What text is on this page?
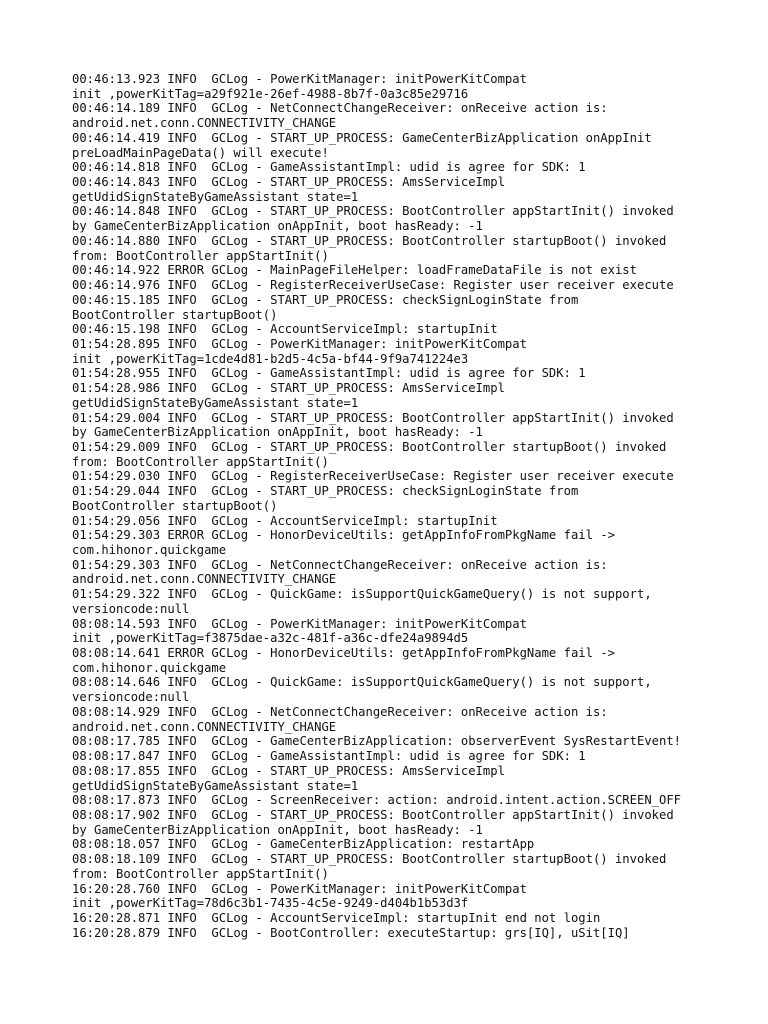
00:46:13.923 INFO  GCLog - PowerKitManager: initPowerKitCompat
init ,powerKitTag=a29f921e-26ef-4988-8b7f-0a3c85e29716
00:46:14.189 INFO  GCLog - NetConnectChangeReceiver: onReceive action is:
android.net.conn.CONNECTIVITY_CHANGE
00:46:14.419 INFO  GCLog - START_UP_PROCESS: GameCenterBizApplication onAppInit
preLoadMainPageData() will execute!
00:46:14.818 INFO  GCLog - GameAssistantImpl: udid is agree for SDK: 1
00:46:14.843 INFO  GCLog - START_UP_PROCESS: AmsServiceImpl
getUdidSignStateByGameAssistant state=1
00:46:14.848 INFO  GCLog - START_UP_PROCESS: BootController appStartInit() invoked
by GameCenterBizApplication onAppInit, boot hasReady: -1
00:46:14.880 INFO  GCLog - START_UP_PROCESS: BootController startupBoot() invoked
from: BootController appStartInit()
00:46:14.922 ERROR GCLog - MainPageFileHelper: loadFrameDataFile is not exist
00:46:14.976 INFO  GCLog - RegisterReceiverUseCase: Register user receiver execute
00:46:15.185 INFO  GCLog - START_UP_PROCESS: checkSignLoginState from
BootController startupBoot()
00:46:15.198 INFO  GCLog - AccountServiceImpl: startupInit
01:54:28.895 INFO  GCLog - PowerKitManager: initPowerKitCompat
init ,powerKitTag=1cde4d81-b2d5-4c5a-bf44-9f9a741224e3
01:54:28.955 INFO  GCLog - GameAssistantImpl: udid is agree for SDK: 1
01:54:28.986 INFO  GCLog - START_UP_PROCESS: AmsServiceImpl
getUdidSignStateByGameAssistant state=1
01:54:29.004 INFO  GCLog - START_UP_PROCESS: BootController appStartInit() invoked
by GameCenterBizApplication onAppInit, boot hasReady: -1
01:54:29.009 INFO  GCLog - START_UP_PROCESS: BootController startupBoot() invoked
from: BootController appStartInit()
01:54:29.030 INFO  GCLog - RegisterReceiverUseCase: Register user receiver execute
01:54:29.044 INFO  GCLog - START_UP_PROCESS: checkSignLoginState from
BootController startupBoot()
01:54:29.056 INFO  GCLog - AccountServiceImpl: startupInit
01:54:29.303 ERROR GCLog - HonorDeviceUtils: getAppInfoFromPkgName fail ->
com.hihonor.quickgame
01:54:29.303 INFO  GCLog - NetConnectChangeReceiver: onReceive action is:
android.net.conn.CONNECTIVITY_CHANGE
01:54:29.322 INFO  GCLog - QuickGame: isSupportQuickGameQuery() is not support,
versioncode:null
08:08:14.593 INFO  GCLog - PowerKitManager: initPowerKitCompat
init ,powerKitTag=f3875dae-a32c-481f-a36c-dfe24a9894d5
08:08:14.641 ERROR GCLog - HonorDeviceUtils: getAppInfoFromPkgName fail ->
com.hihonor.quickgame
08:08:14.646 INFO  GCLog - QuickGame: isSupportQuickGameQuery() is not support,
versioncode:null
08:08:14.929 INFO  GCLog - NetConnectChangeReceiver: onReceive action is:
android.net.conn.CONNECTIVITY_CHANGE
08:08:17.785 INFO  GCLog - GameCenterBizApplication: observerEvent SysRestartEvent!
08:08:17.847 INFO  GCLog - GameAssistantImpl: udid is agree for SDK: 1
08:08:17.855 INFO  GCLog - START_UP_PROCESS: AmsServiceImpl
getUdidSignStateByGameAssistant state=1
08:08:17.873 INFO  GCLog - ScreenReceiver: action: android.intent.action.SCREEN_OFF
08:08:17.902 INFO  GCLog - START_UP_PROCESS: BootController appStartInit() invoked
by GameCenterBizApplication onAppInit, boot hasReady: -1
08:08:18.057 INFO  GCLog - GameCenterBizApplication: restartApp
08:08:18.109 INFO  GCLog - START_UP_PROCESS: BootController startupBoot() invoked
from: BootController appStartInit()
16:20:28.760 INFO  GCLog - PowerKitManager: initPowerKitCompat
init ,powerKitTag=78d6c3b1-7435-4c5e-9249-d404b1b53d3f
16:20:28.871 INFO  GCLog - AccountServiceImpl: startupInit end not login
16:20:28.879 INFO  GCLog - BootController: executeStartup: grs[IQ], uSit[IQ]
